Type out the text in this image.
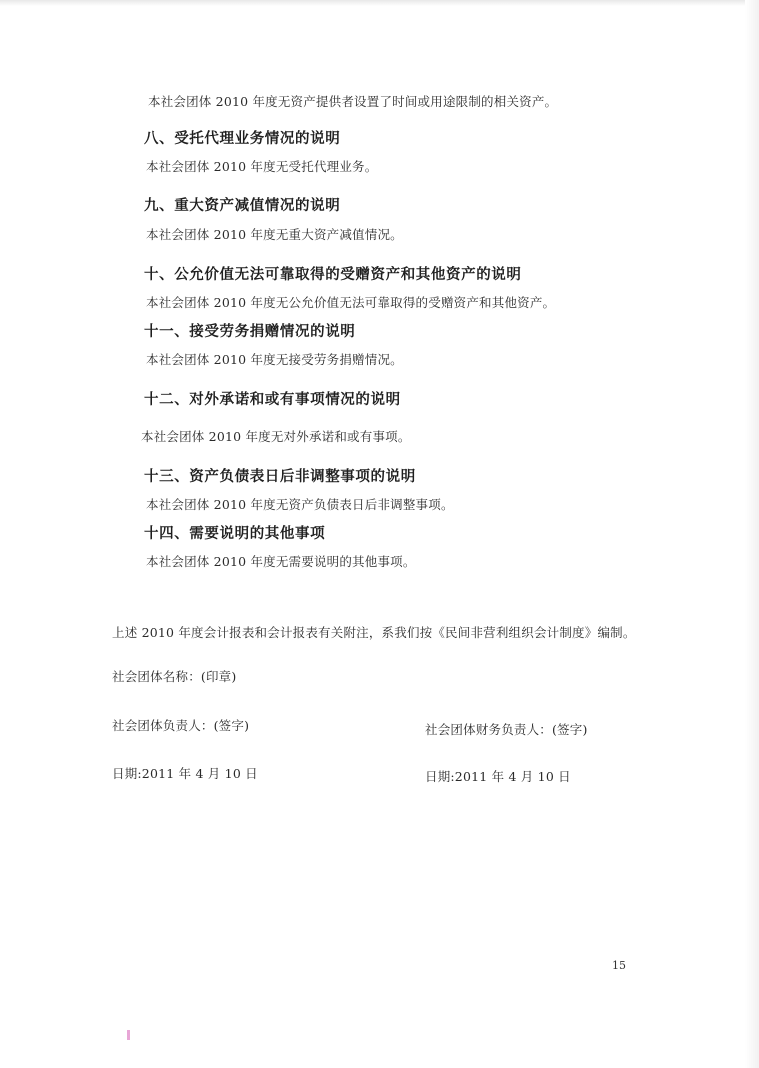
本社会团体 2010 年度无资产提供者设置了时间或用途限制的相关资产。
八、受托代理业务情况的说明
本社会团体 2010 年度无受托代理业务。
九、重大资产减值情况的说明
本社会团体 2010 年度无重大资产减值情况。
十、公允价值无法可靠取得的受赠资产和其他资产的说明
本社会团体 2010 年度无公允价值无法可靠取得的受赠资产和其他资产。
十一、接受劳务捐赠情况的说明
本社会团体 2010 年度无接受劳务捐赠情况。
十二、对外承诺和或有事项情况的说明
本社会团体 2010 年度无对外承诺和或有事项。
十三、资产负债表日后非调整事项的说明
本社会团体 2010 年度无资产负债表日后非调整事项。
十四、需要说明的其他事项
本社会团体 2010 年度无需要说明的其他事项。
上述 2010 年度会计报表和会计报表有关附注，系我们按《民间非营利组织会计制度》编制。
社会团体名称：(印章)
社会团体负责人：(签字)	社会团体财务负责人：(签字)
日期:2011 年 4 月 10 日	日期:2011 年 4 月 10 日
15
